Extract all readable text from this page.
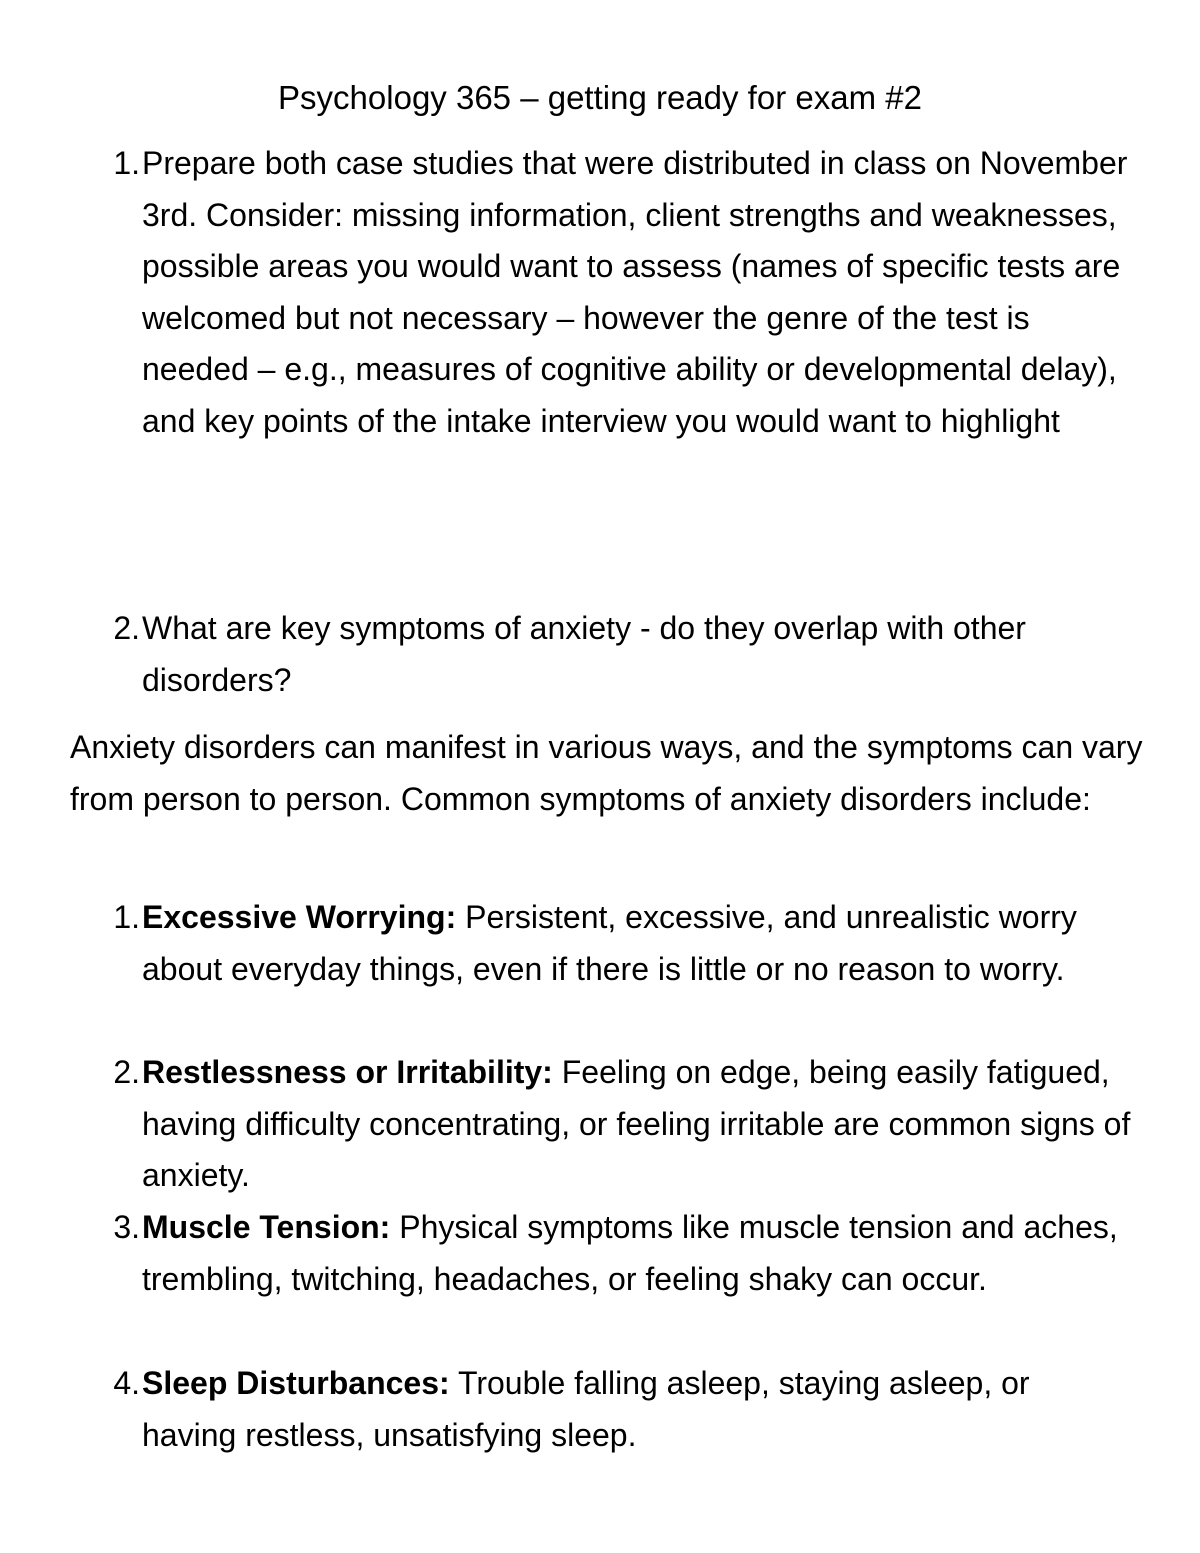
Psychology 365 – getting ready for exam #2
1. Prepare both case studies that were distributed in class on November 3rd. Consider: missing information, client strengths and weaknesses, possible areas you would want to assess (names of specific tests are welcomed but not necessary – however the genre of the test is needed – e.g., measures of cognitive ability or developmental delay), and key points of the intake interview you would want to highlight
2. What are key symptoms of anxiety - do they overlap with other disorders?
Anxiety disorders can manifest in various ways, and the symptoms can vary from person to person. Common symptoms of anxiety disorders include:
1. Excessive Worrying: Persistent, excessive, and unrealistic worry about everyday things, even if there is little or no reason to worry.
2. Restlessness or Irritability: Feeling on edge, being easily fatigued, having difficulty concentrating, or feeling irritable are common signs of anxiety.
3. Muscle Tension: Physical symptoms like muscle tension and aches, trembling, twitching, headaches, or feeling shaky can occur.
4. Sleep Disturbances: Trouble falling asleep, staying asleep, or having restless, unsatisfying sleep.
